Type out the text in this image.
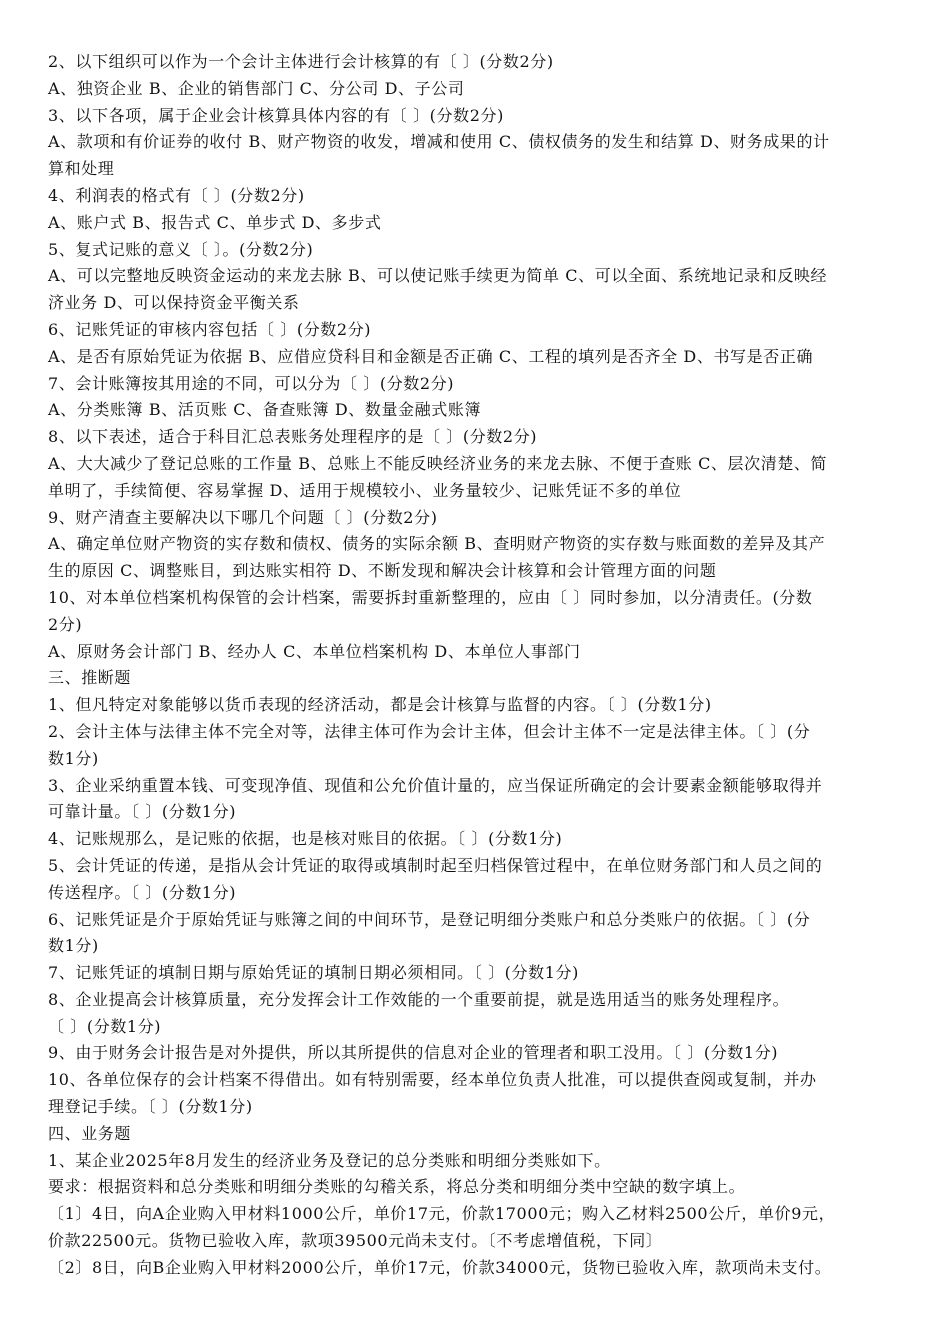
2、以下组织可以作为一个会计主体进行会计核算的有〔 〕(分数2分)

A、独资企业 B、企业的销售部门 C、分公司 D、子公司

3、以下各项，属于企业会计核算具体内容的有〔 〕(分数2分)

A、款项和有价证券的收付 B、财产物资的收发，增减和使用 C、债权债务的发生和结算 D、财务成果的计

算和处理

4、利润表的格式有〔 〕(分数2分)

A、账户式 B、报告式 C、单步式 D、多步式

5、复式记账的意义〔 〕。(分数2分)

A、可以完整地反映资金运动的来龙去脉 B、可以使记账手续更为简单 C、可以全面、系统地记录和反映经

济业务 D、可以保持资金平衡关系

6、记账凭证的审核内容包括〔 〕(分数2分)

A、是否有原始凭证为依据 B、应借应贷科目和金额是否正确 C、工程的填列是否齐全 D、书写是否正确

7、会计账簿按其用途的不同，可以分为〔 〕(分数2分)

A、分类账簿 B、活页账 C、备查账簿 D、数量金融式账簿

8、以下表述，适合于科目汇总表账务处理程序的是〔 〕(分数2分)

A、大大减少了登记总账的工作量 B、总账上不能反映经济业务的来龙去脉、不便于查账 C、层次清楚、简

单明了，手续简便、容易掌握 D、适用于规模较小、业务量较少、记账凭证不多的单位

9、财产清查主要解决以下哪几个问题〔 〕(分数2分)

A、确定单位财产物资的实存数和债权、债务的实际余额 B、查明财产物资的实存数与账面数的差异及其产

生的原因 C、调整账目，到达账实相符 D、不断发现和解决会计核算和会计管理方面的问题

10、对本单位档案机构保管的会计档案，需要拆封重新整理的，应由〔 〕同时参加，以分清责任。(分数

2分)

A、原财务会计部门 B、经办人 C、本单位档案机构 D、本单位人事部门

三、推断题

1、但凡特定对象能够以货币表现的经济活动，都是会计核算与监督的内容。〔 〕(分数1分)

2、会计主体与法律主体不完全对等，法律主体可作为会计主体，但会计主体不一定是法律主体。〔 〕(分

数1分)

3、企业采纳重置本钱、可变现净值、现值和公允价值计量的，应当保证所确定的会计要素金额能够取得并

可靠计量。〔 〕(分数1分)

4、记账规那么，是记账的依据，也是核对账目的依据。〔 〕(分数1分)

5、会计凭证的传递，是指从会计凭证的取得或填制时起至归档保管过程中，在单位财务部门和人员之间的

传送程序。〔 〕(分数1分)

6、记账凭证是介于原始凭证与账簿之间的中间环节，是登记明细分类账户和总分类账户的依据。〔 〕(分

数1分)

7、记账凭证的填制日期与原始凭证的填制日期必须相同。〔 〕(分数1分)

8、企业提高会计核算质量，充分发挥会计工作效能的一个重要前提，就是选用适当的账务处理程序。

〔 〕(分数1分)

9、由于财务会计报告是对外提供，所以其所提供的信息对企业的管理者和职工没用。〔 〕(分数1分)

10、各单位保存的会计档案不得借出。如有特别需要，经本单位负责人批准，可以提供查阅或复制，并办

理登记手续。〔 〕(分数1分)

四、业务题

1、某企业2025年8月发生的经济业务及登记的总分类账和明细分类账如下。

要求：根据资料和总分类账和明细分类账的勾稽关系，将总分类和明细分类中空缺的数字填上。

〔1〕4日，向A企业购入甲材料1000公斤，单价17元，价款17000元；购入乙材料2500公斤，单价9元，

价款22500元。货物已验收入库，款项39500元尚未支付。〔不考虑增值税，下同〕

〔2〕8日，向B企业购入甲材料2000公斤，单价17元，价款34000元，货物已验收入库，款项尚未支付。
